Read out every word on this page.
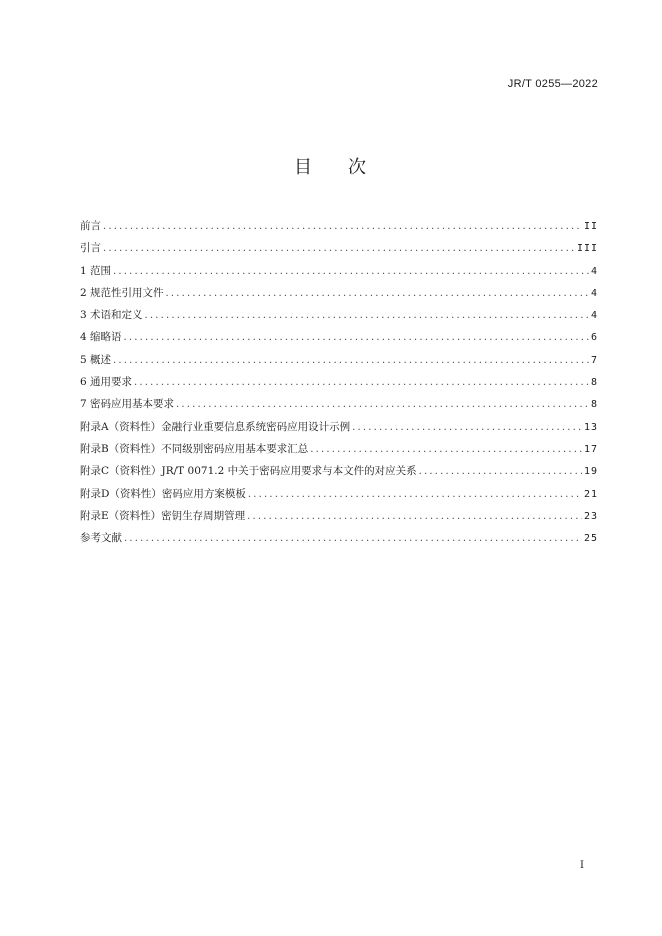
JR/T 0255—2022
目 次
前言 .....	II
引言 .....	III
1 范围 .....	4
2 规范性引用文件 .....	4
3 术语和定义 .....	4
4 缩略语 .....	6
5 概述 .....	7
6 通用要求 .....	8
7 密码应用基本要求 .....	8
附录A（资料性）金融行业重要信息系统密码应用设计示例 .....	13
附录B（资料性）不同级别密码应用基本要求汇总 .....	17
附录C（资料性）JR/T 0071.2 中关于密码应用要求与本文件的对应关系 .....	19
附录D（资料性）密码应用方案模板 .....	21
附录E（资料性）密钥生存周期管理 .....	23
参考文献 .....	25
I
